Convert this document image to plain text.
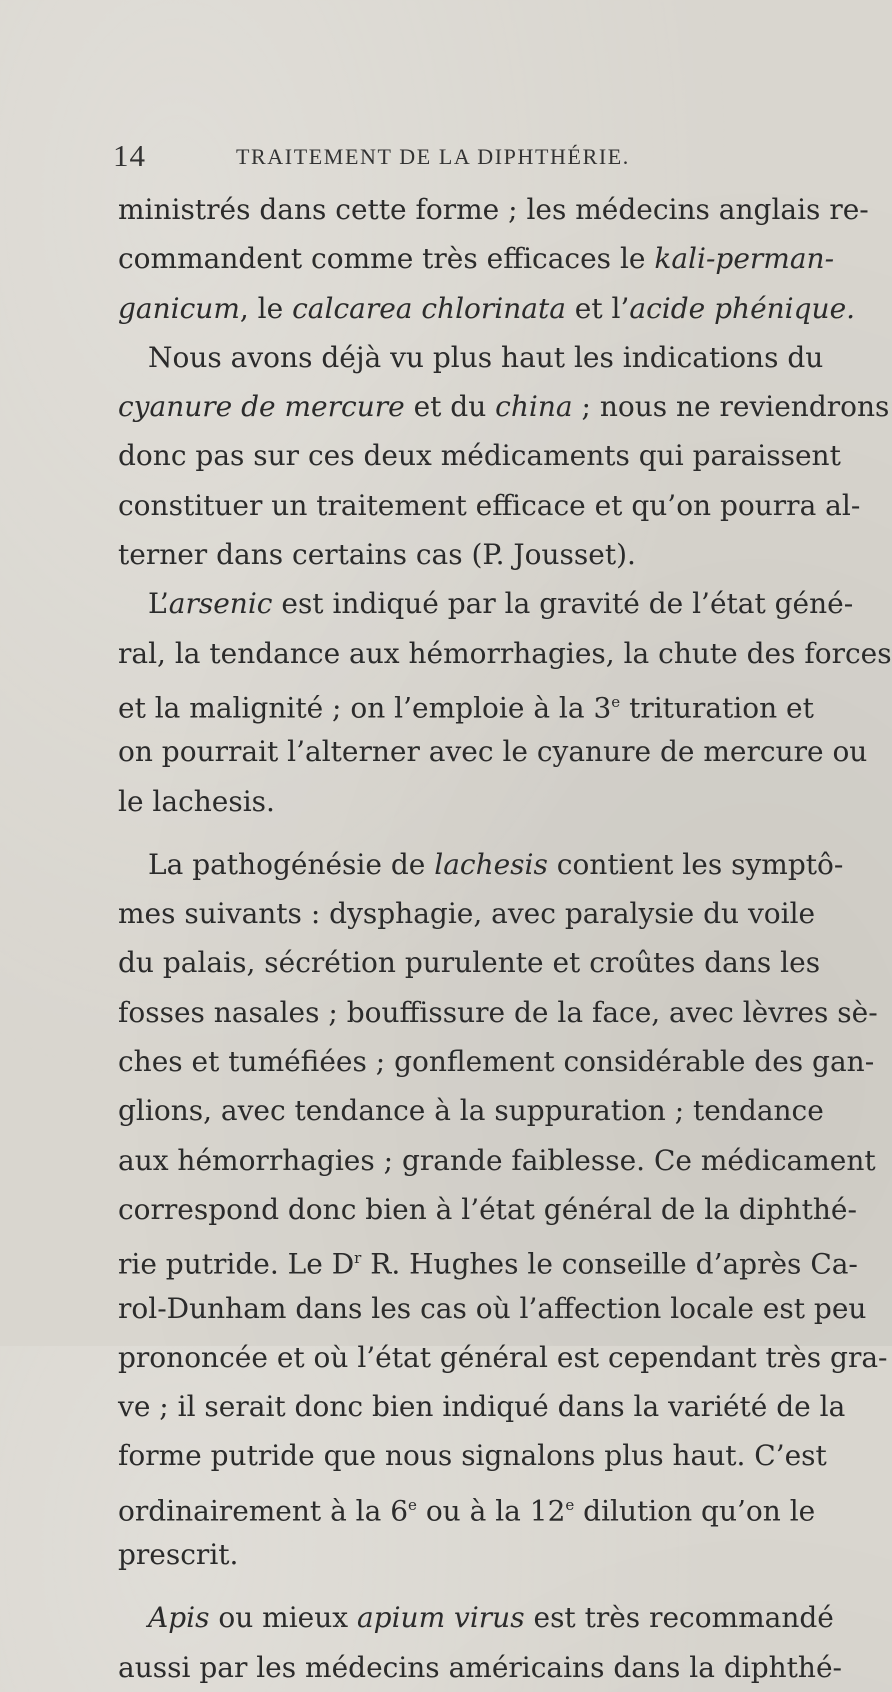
14	TRAITEMENT DE LA DIPHTHÉRIE.
ministrés dans cette forme ; les médecins anglais re-
commandent comme très efficaces le kali-perman-
ganicum, le calcarea chlorinata et l’acide phénique.
Nous avons déjà vu plus haut les indications du
cyanure de mercure et du china ; nous ne reviendrons
donc pas sur ces deux médicaments qui paraissent
constituer un traitement efficace et qu’on pourra al-
terner dans certains cas (P. Jousset).
L’arsenic est indiqué par la gravité de l’état géné-
ral, la tendance aux hémorrhagies, la chute des forces
et la malignité ; on l’emploie à la 3e trituration et
on pourrait l’alterner avec le cyanure de mercure ou
le lachesis.
La pathogénésie de lachesis contient les symptô-
mes suivants : dysphagie, avec paralysie du voile
du palais, sécrétion purulente et croûtes dans les
fosses nasales ; bouffissure de la face, avec lèvres sè-
ches et tuméfiées ; gonflement considérable des gan-
glions, avec tendance à la suppuration ; tendance
aux hémorrhagies ; grande faiblesse. Ce médicament
correspond donc bien à l’état général de la diphthé-
rie putride. Le $D^r$ R. Hughes le conseille d’après Ca-
rol-Dunham dans les cas où l’affection locale est peu
prononcée et où l’état général est cependant très gra-
ve ; il serait donc bien indiqué dans la variété de la
forme putride que nous signalons plus haut. C’est
ordinairement à la 6e ou à la 12e dilution qu’on le
prescrit.
Apis ou mieux apium virus est très recommandé
aussi par les médecins américains dans la diphthé-
